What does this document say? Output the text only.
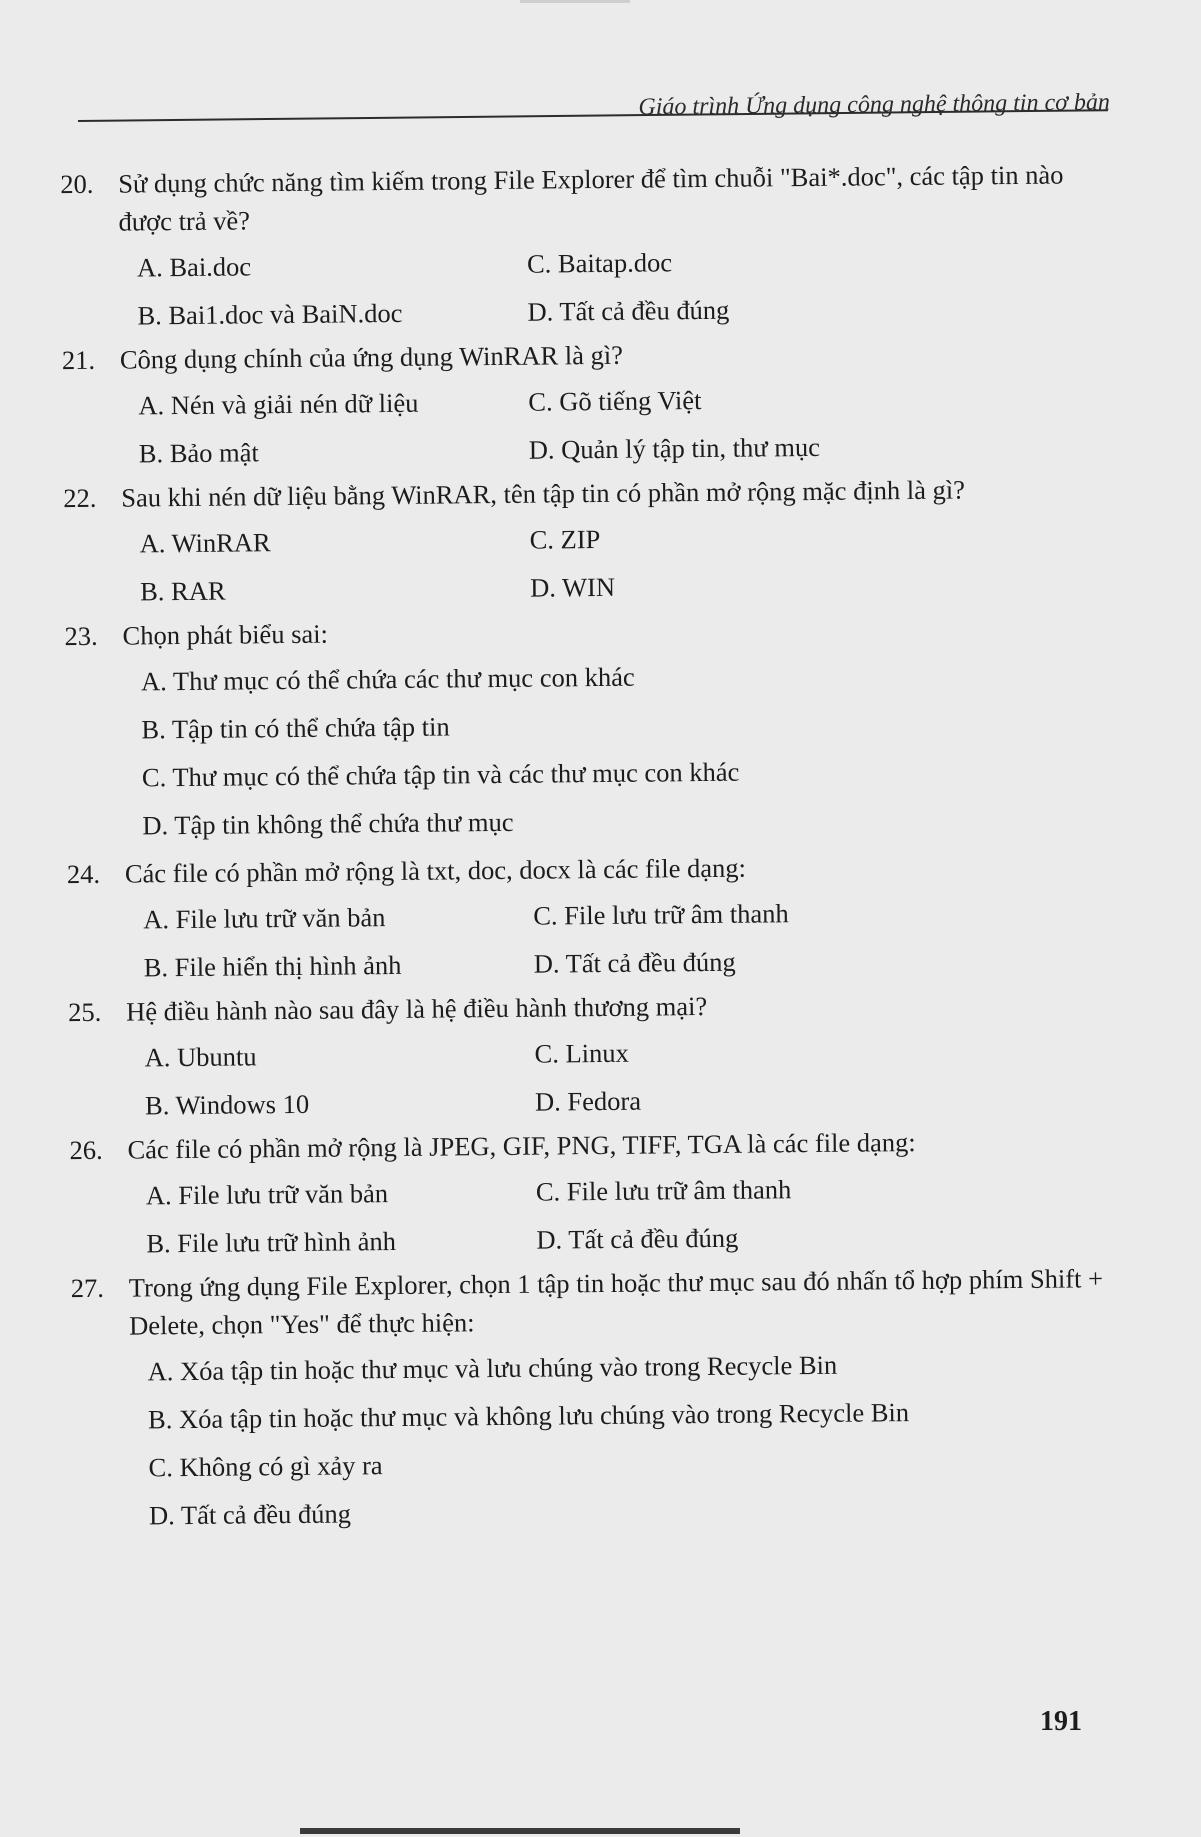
Giáo trình Ứng dụng công nghệ thông tin cơ bản
20. Sử dụng chức năng tìm kiếm trong File Explorer để tìm chuỗi "Bai*.doc", các tập tin nào được trả về?
A. Bai.doc	C. Baitap.doc
B. Bai1.doc và BaiN.doc	D. Tất cả đều đúng
21. Công dụng chính của ứng dụng WinRAR là gì?
A. Nén và giải nén dữ liệu	C. Gõ tiếng Việt
B. Bảo mật	D. Quản lý tập tin, thư mục
22. Sau khi nén dữ liệu bằng WinRAR, tên tập tin có phần mở rộng mặc định là gì?
A. WinRAR	C. ZIP
B. RAR	D. WIN
23. Chọn phát biểu sai:
A. Thư mục có thể chứa các thư mục con khác
B. Tập tin có thể chứa tập tin
C. Thư mục có thể chứa tập tin và các thư mục con khác
D. Tập tin không thể chứa thư mục
24. Các file có phần mở rộng là txt, doc, docx là các file dạng:
A. File lưu trữ văn bản	C. File lưu trữ âm thanh
B. File hiển thị hình ảnh	D. Tất cả đều đúng
25. Hệ điều hành nào sau đây là hệ điều hành thương mại?
A. Ubuntu	C. Linux
B. Windows 10	D. Fedora
26. Các file có phần mở rộng là JPEG, GIF, PNG, TIFF, TGA là các file dạng:
A. File lưu trữ văn bản	C. File lưu trữ âm thanh
B. File lưu trữ hình ảnh	D. Tất cả đều đúng
27. Trong ứng dụng File Explorer, chọn 1 tập tin hoặc thư mục sau đó nhấn tổ hợp phím Shift + Delete, chọn "Yes" để thực hiện:
A. Xóa tập tin hoặc thư mục và lưu chúng vào trong Recycle Bin
B. Xóa tập tin hoặc thư mục và không lưu chúng vào trong Recycle Bin
C. Không có gì xảy ra
D. Tất cả đều đúng
191
